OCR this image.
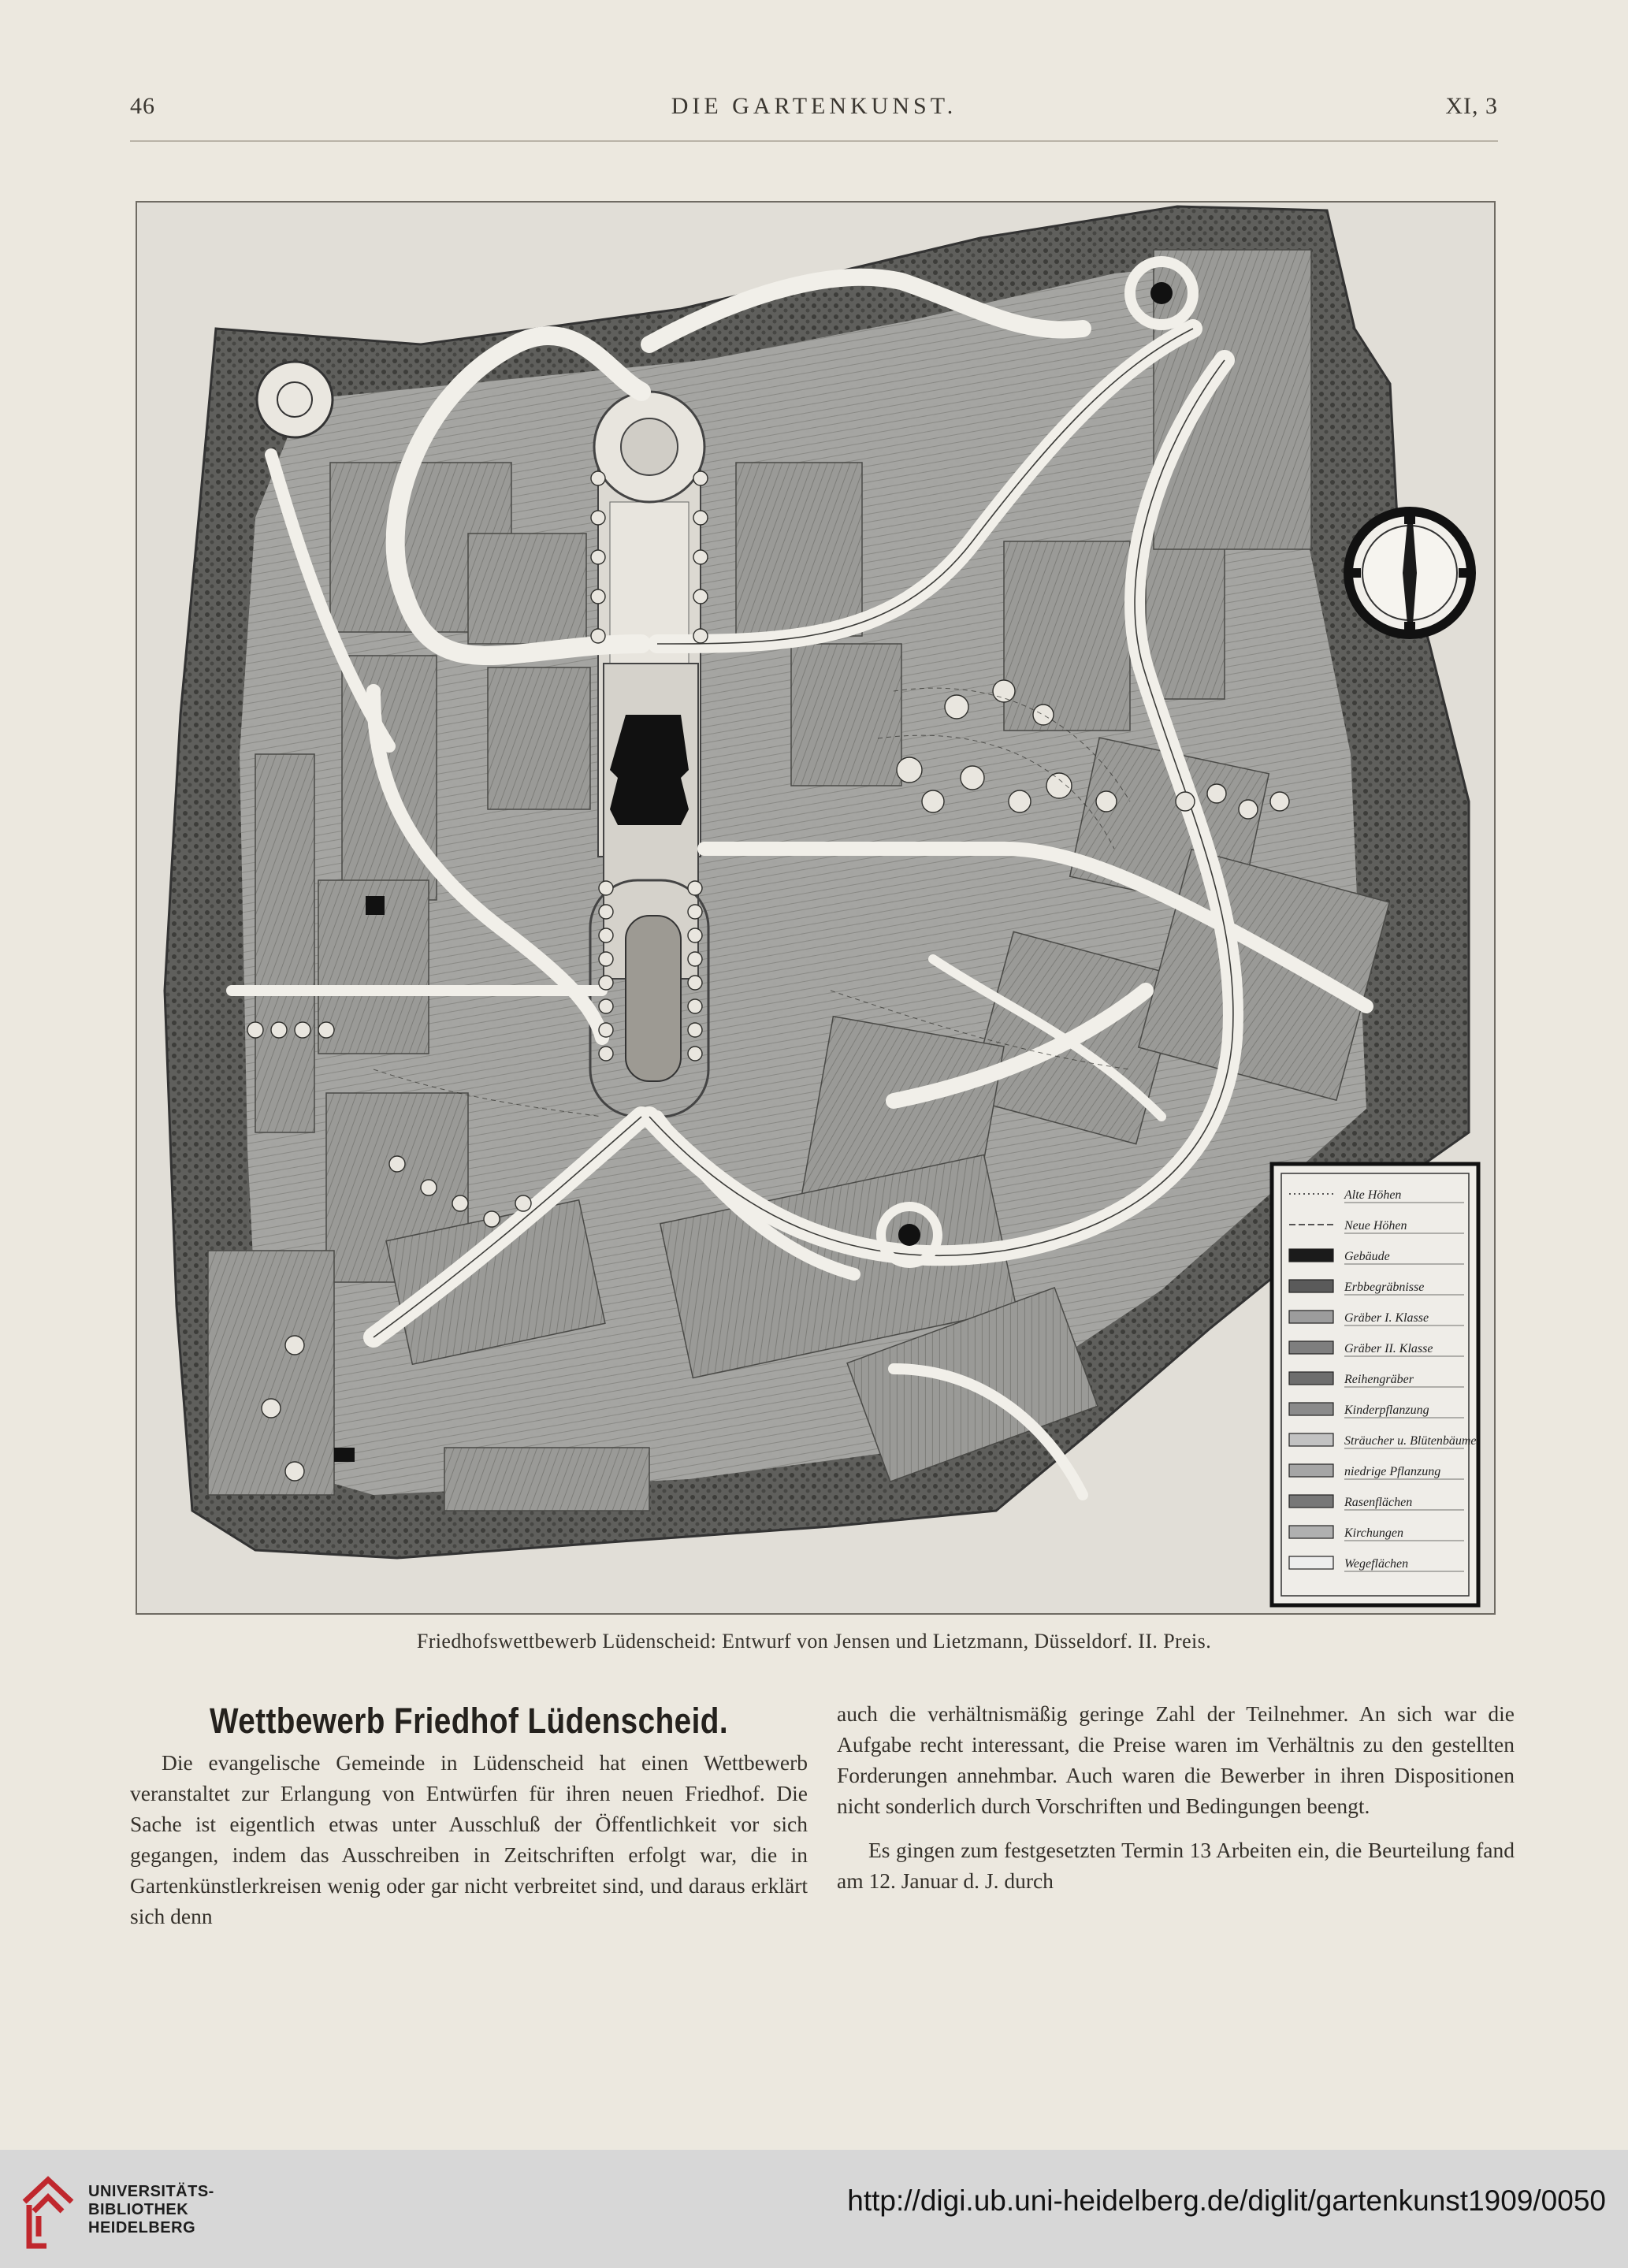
46	DIE GARTENKUNST.	XI, 3
Alte Höhen
Neue Höhen
Gebäude
Erbbegräbnisse
Gräber I. Klasse
Gräber II. Klasse
Reihengräber
Kinderpflanzung
Sträucher u. Blütenbäume
niedrige Pflanzung
Rasenflächen
Kirchungen
Wegeflächen
Friedhofswettbewerb Lüdenscheid: Entwurf von Jensen und Lietzmann, Düsseldorf. II. Preis.
Wettbewerb Friedhof Lüdenscheid.

Die evangelische Gemeinde in Lüdenscheid hat einen Wettbewerb veranstaltet zur Erlangung von Entwürfen für ihren neuen Friedhof. Die Sache ist eigentlich etwas unter Ausschluß der Öffentlichkeit vor sich gegangen, indem das Ausschreiben in Zeitschriften erfolgt war, die in Gartenkünstlerkreisen wenig oder gar nicht verbreitet sind, und daraus erklärt sich denn

auch die verhältnismäßig geringe Zahl der Teilnehmer. An sich war die Aufgabe recht interessant, die Preise waren im Verhältnis zu den gestellten Forderungen annehmbar. Auch waren die Bewerber in ihren Dispositionen nicht sonderlich durch Vorschriften und Bedingungen beengt.

Es gingen zum festgesetzten Termin 13 Arbeiten ein, die Beurteilung fand am 12. Januar d. J. durch

UNIVERSITÄTS-
BIBLIOTHEK
HEIDELBERG
http://digi.ub.uni-heidelberg.de/diglit/gartenkunst1909/0050
